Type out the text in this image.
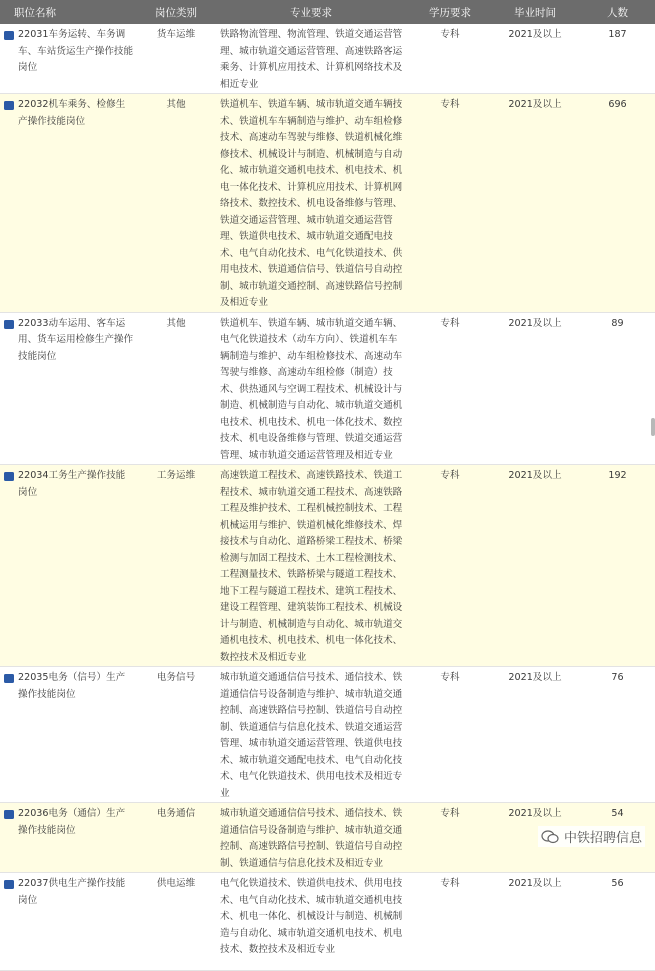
职位名称	岗位类别	专业要求	学历要求	毕业时间	人数

22031车务运转、车务调车、车站货运生产操作技能岗位	货车运维	铁路物流管理、物流管理、铁道交通运营管理、城市轨道交通运营管理、高速铁路客运乘务、计算机应用技术、计算机网络技术及相近专业	专科	2021及以上	187

22032机车乘务、检修生产操作技能岗位	其他	铁道机车、铁道车辆、城市轨道交通车辆技术、铁道机车车辆制造与维护、动车组检修技术、高速动车驾驶与维修、铁道机械化维修技术、机械设计与制造、机械制造与自动化、城市轨道交通机电技术、机电技术、机电一体化技术、计算机应用技术、计算机网络技术、数控技术、机电设备维修与管理、铁道交通运营管理、城市轨道交通运营管理、铁道供电技术、城市轨道交通配电技术、电气自动化技术、电气化铁道技术、供用电技术、铁道通信信号、铁道信号自动控制、城市轨道交通控制、高速铁路信号控制及相近专业	专科	2021及以上	696

22033动车运用、客车运用、货车运用检修生产操作技能岗位	其他	铁道机车、铁道车辆、城市轨道交通车辆、电气化铁道技术（动车方向）、铁道机车车辆制造与维护、动车组检修技术、高速动车驾驶与维修、高速动车组检修（制造）技术、供热通风与空调工程技术、机械设计与制造、机械制造与自动化、城市轨道交通机电技术、机电技术、机电一体化技术、数控技术、机电设备维修与管理、铁道交通运营管理、城市轨道交通运营管理及相近专业	专科	2021及以上	89

22034工务生产操作技能岗位	工务运维	高速铁道工程技术、高速铁路技术、铁道工程技术、城市轨道交通工程技术、高速铁路工程及维护技术、工程机械控制技术、工程机械运用与维护、铁道机械化维修技术、焊接技术与自动化、道路桥梁工程技术、桥梁检测与加固工程技术、土木工程检测技术、工程测量技术、铁路桥梁与隧道工程技术、地下工程与隧道工程技术、建筑工程技术、建设工程管理、建筑装饰工程技术、机械设计与制造、机械制造与自动化、城市轨道交通机电技术、机电技术、机电一体化技术、数控技术及相近专业	专科	2021及以上	192

22035电务（信号）生产操作技能岗位	电务信号	城市轨道交通通信信号技术、通信技术、铁道通信信号设备制造与维护、城市轨道交通控制、高速铁路信号控制、铁道信号自动控制、铁道通信与信息化技术、铁道交通运营管理、城市轨道交通运营管理、铁道供电技术、城市轨道交通配电技术、电气自动化技术、电气化铁道技术、供用电技术及相近专业	专科	2021及以上	76

22036电务（通信）生产操作技能岗位	电务通信	城市轨道交通通信信号技术、通信技术、铁道通信信号设备制造与维护、城市轨道交通控制、高速铁路信号控制、铁道信号自动控制、铁道通信与信息化技术及相近专业	专科	2021及以上	54

22037供电生产操作技能岗位	供电运维	电气化铁道技术、铁道供电技术、供用电技术、电气自动化技术、城市轨道交通机电技术、机电一体化、机械设计与制造、机械制造与自动化、城市轨道交通机电技术、机电技术、数控技术及相近专业	专科	2021及以上	56
中铁招聘信息
